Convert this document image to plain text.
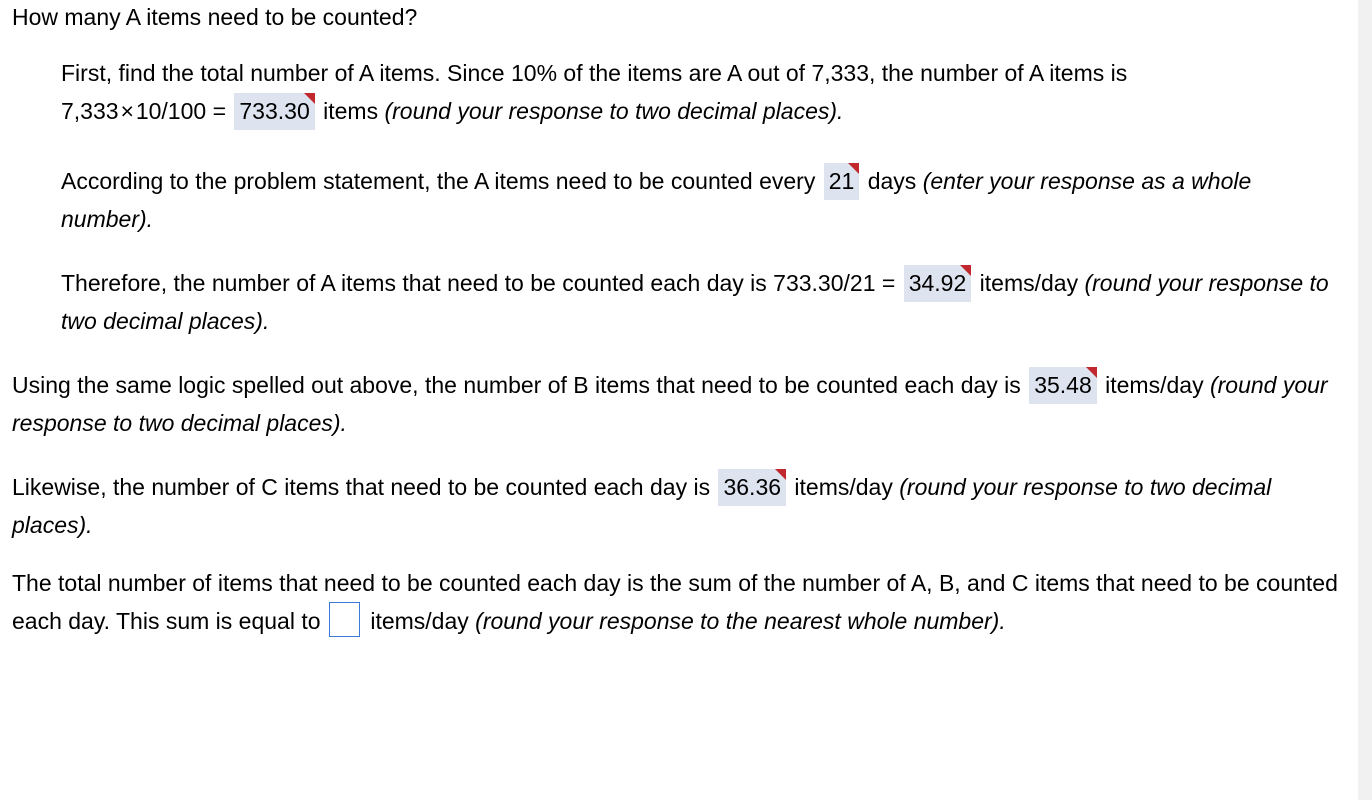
How many A items need to be counted?

First, find the total number of A items. Since 10% of the items are A out of 7,333, the number of A items is
7,333 × 10/100 = 733.30 items (round your response to two decimal places).

According to the problem statement, the A items need to be counted every 21 days (enter your response as a whole number).

Therefore, the number of A items that need to be counted each day is 733.30/21 = 34.92 items/day (round your response to two decimal places).

Using the same logic spelled out above, the number of B items that need to be counted each day is 35.48 items/day (round your response to two decimal places).

Likewise, the number of C items that need to be counted each day is 36.36 items/day (round your response to two decimal places).

The total number of items that need to be counted each day is the sum of the number of A, B, and C items that need to be counted each day. This sum is equal to items/day (round your response to the nearest whole number).
